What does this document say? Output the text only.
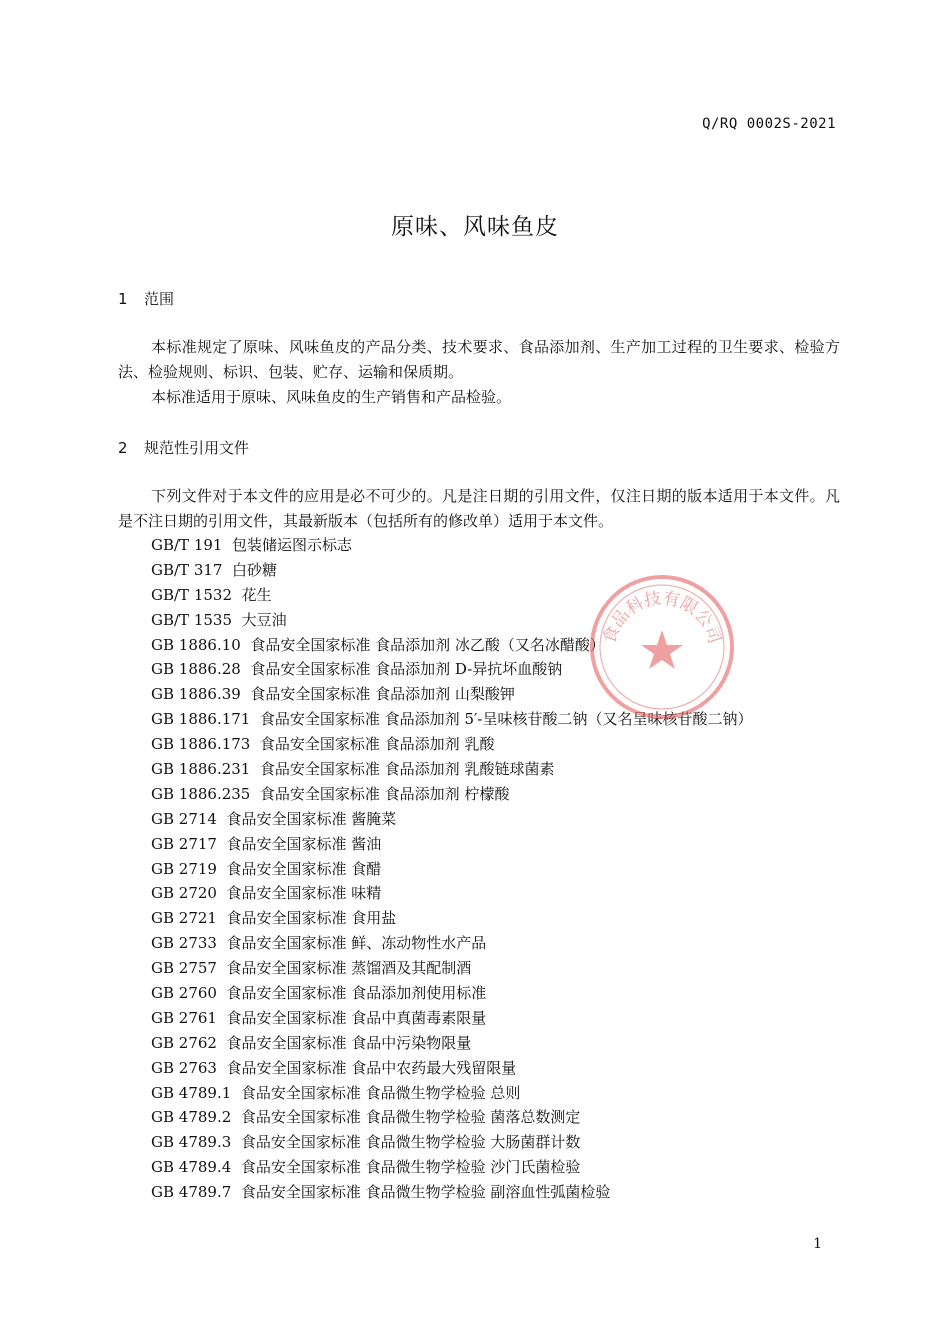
Q/RQ 0002S-2021
原味、风味鱼皮
1 范围

本标准规定了原味、风味鱼皮的产品分类、技术要求、食品添加剂、生产加工过程的卫生要求、检验方法、检验规则、标识、包装、贮存、运输和保质期。

本标准适用于原味、风味鱼皮的生产销售和产品检验。

2 规范性引用文件

下列文件对于本文件的应用是必不可少的。凡是注日期的引用文件，仅注日期的版本适用于本文件。凡是不注日期的引用文件，其最新版本（包括所有的修改单）适用于本文件。

GB/T 191 包装储运图示标志
GB/T 317 白砂糖
GB/T 1532 花生
GB/T 1535 大豆油
GB 1886.10 食品安全国家标准 食品添加剂 冰乙酸（又名冰醋酸）
GB 1886.28 食品安全国家标准 食品添加剂 D-异抗坏血酸钠
GB 1886.39 食品安全国家标准 食品添加剂 山梨酸钾
GB 1886.171 食品安全国家标准 食品添加剂 5′-呈味核苷酸二钠（又名呈味核苷酸二钠）
GB 1886.173 食品安全国家标准 食品添加剂 乳酸
GB 1886.231 食品安全国家标准 食品添加剂 乳酸链球菌素
GB 1886.235 食品安全国家标准 食品添加剂 柠檬酸
GB 2714 食品安全国家标准 酱腌菜
GB 2717 食品安全国家标准 酱油
GB 2719 食品安全国家标准 食醋
GB 2720 食品安全国家标准 味精
GB 2721 食品安全国家标准 食用盐
GB 2733 食品安全国家标准 鲜、冻动物性水产品
GB 2757 食品安全国家标准 蒸馏酒及其配制酒
GB 2760 食品安全国家标准 食品添加剂使用标准
GB 2761 食品安全国家标准 食品中真菌毒素限量
GB 2762 食品安全国家标准 食品中污染物限量
GB 2763 食品安全国家标准 食品中农药最大残留限量
GB 4789.1 食品安全国家标准 食品微生物学检验 总则
GB 4789.2 食品安全国家标准 食品微生物学检验 菌落总数测定
GB 4789.3 食品安全国家标准 食品微生物学检验 大肠菌群计数
GB 4789.4 食品安全国家标准 食品微生物学检验 沙门氏菌检验
GB 4789.7 食品安全国家标准 食品微生物学检验 副溶血性弧菌检验
食品科技有限公司
1
